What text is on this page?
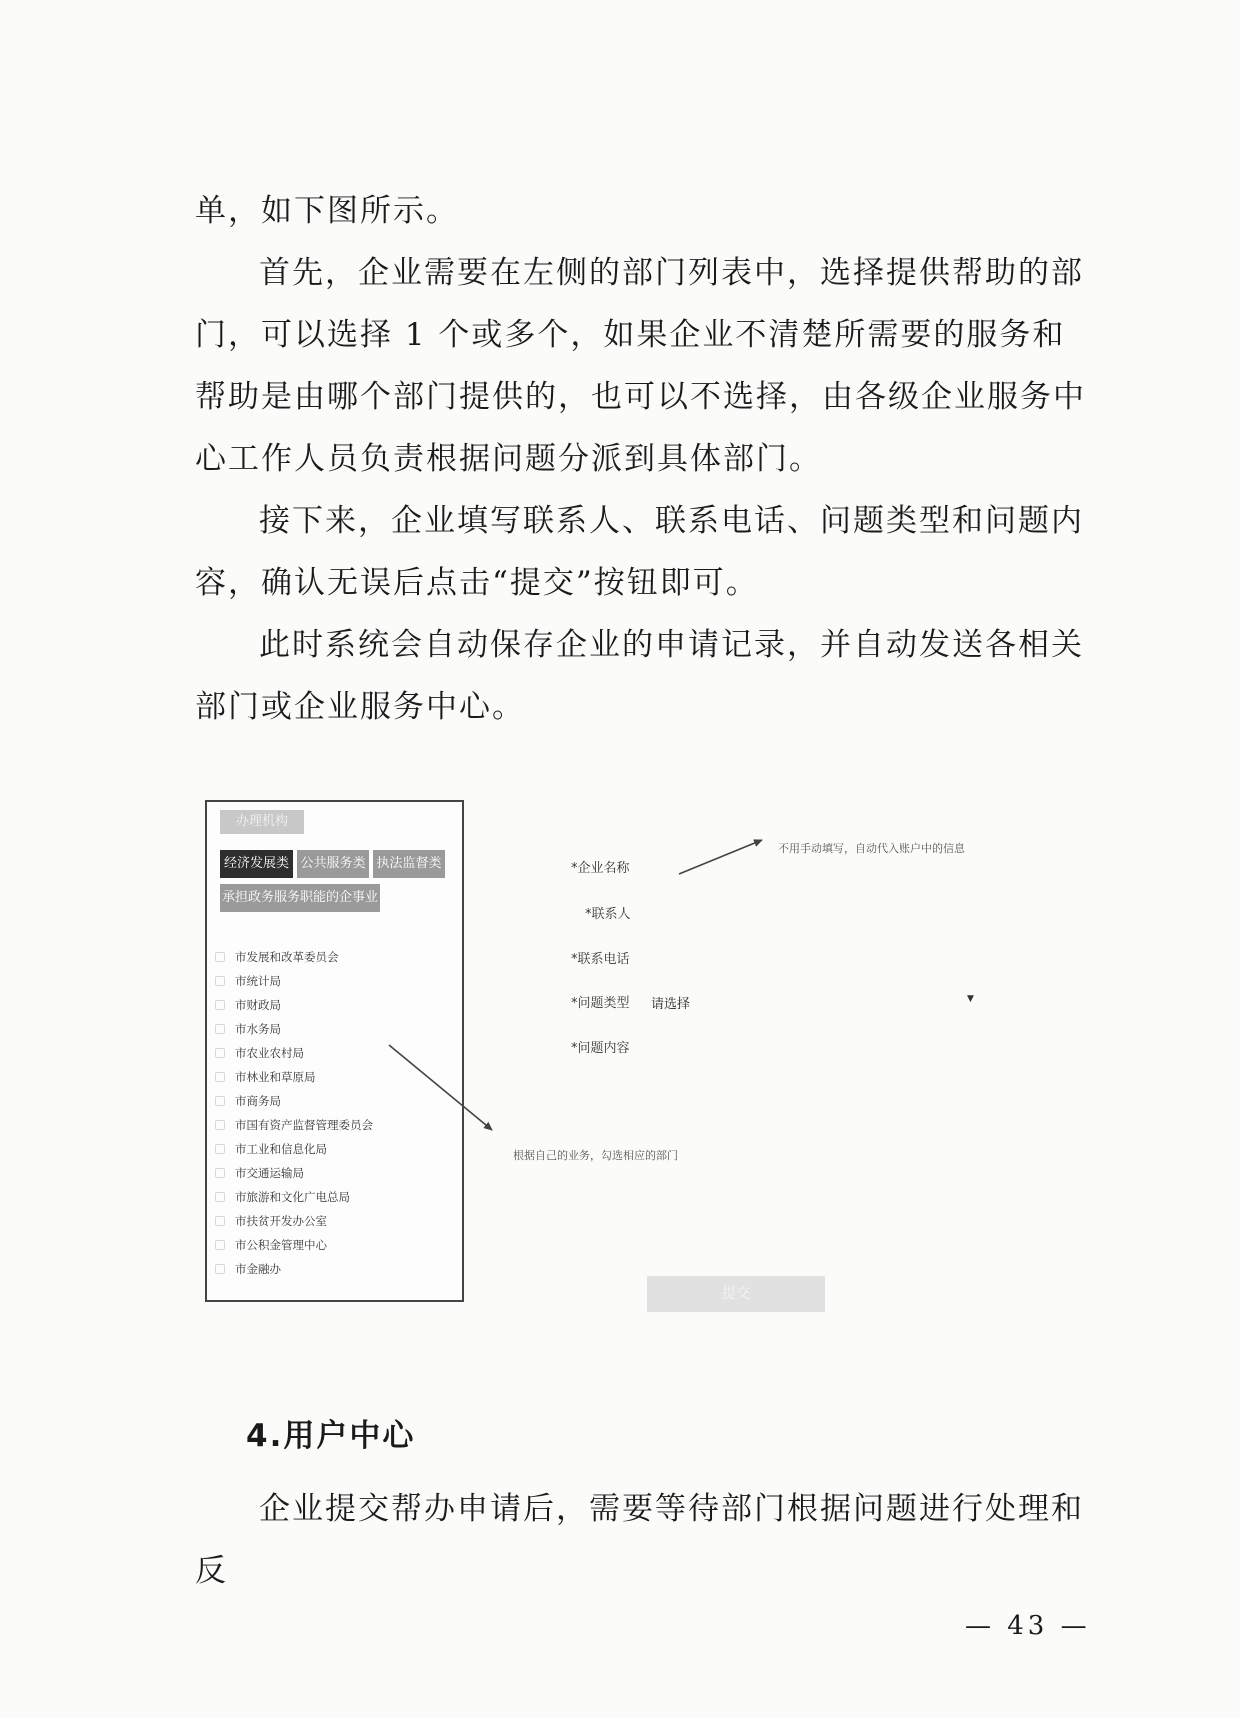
单，如下图所示。

首先，企业需要在左侧的部门列表中，选择提供帮助的部门，可以选择 1 个或多个，如果企业不清楚所需要的服务和帮助是由哪个部门提供的，也可以不选择，由各级企业服务中心工作人员负责根据问题分派到具体部门。

接下来，企业填写联系人、联系电话、问题类型和问题内容，确认无误后点击“提交”按钮即可。

此时系统会自动保存企业的申请记录，并自动发送各相关部门或企业服务中心。

办理机构
经济发展类 公共服务类 执法监督类
承担政务服务职能的企事业
市发展和改革委员会
市统计局
市财政局
市水务局
市农业农村局
市林业和草原局
市商务局
市国有资产监督管理委员会
市工业和信息化局
市交通运输局
市旅游和文化广电总局
市扶贫开发办公室
市公积金管理中心
市金融办
*企业名称
*联系人
*联系电话
*问题类型 请选择	▼
*问题内容
不用手动填写，自动代入账户中的信息
根据自己的业务，勾选相应的部门
提交
4.用户中心

企业提交帮办申请后，需要等待部门根据问题进行处理和反

— 43 —
